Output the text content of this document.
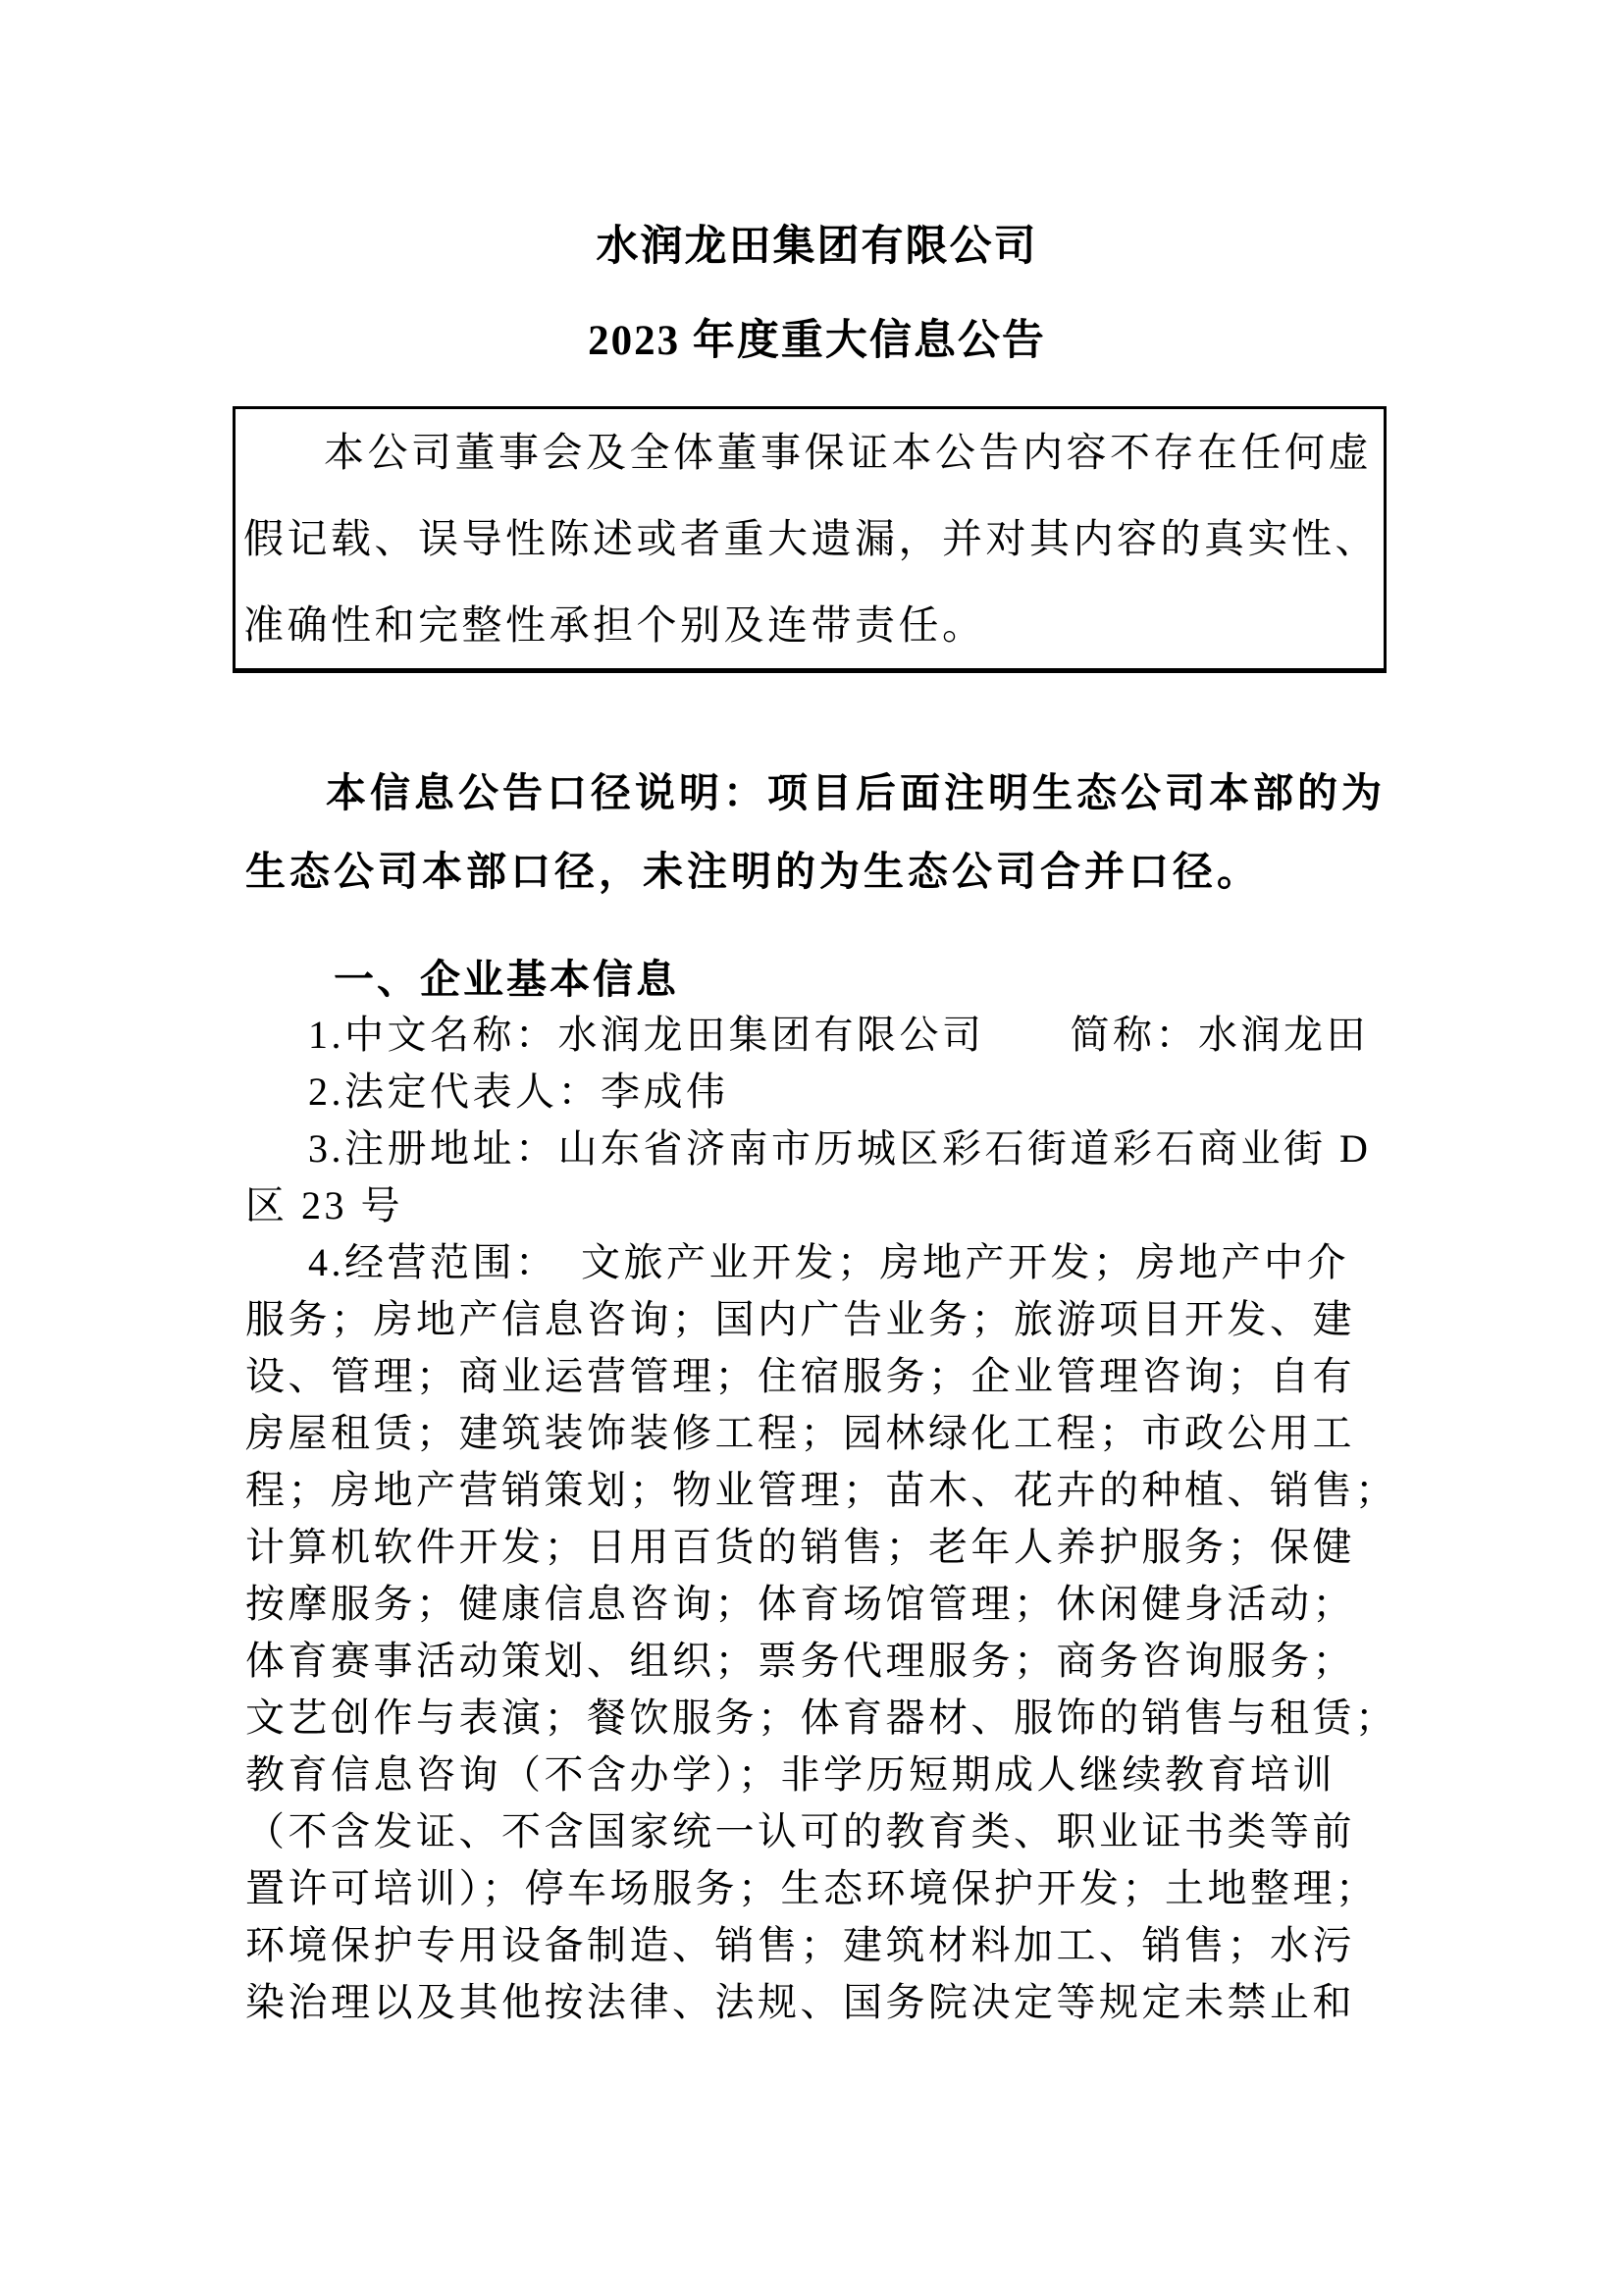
水润龙田集团有限公司
2023 年度重大信息公告
本公司董事会及全体董事保证本公告内容不存在任何虚
假记载、误导性陈述或者重大遗漏，并对其内容的真实性、
准确性和完整性承担个别及连带责任。
本信息公告口径说明：项目后面注明生态公司本部的为
生态公司本部口径，未注明的为生态公司合并口径。
一、企业基本信息
1.中文名称：水润龙田集团有限公司　　简称：水润龙田
2.法定代表人：李成伟
3.注册地址：山东省济南市历城区彩石街道彩石商业街 D
区 23 号
4.经营范围：　文旅产业开发；房地产开发；房地产中介
服务；房地产信息咨询；国内广告业务；旅游项目开发、建
设、管理；商业运营管理；住宿服务；企业管理咨询；自有
房屋租赁；建筑装饰装修工程；园林绿化工程；市政公用工
程；房地产营销策划；物业管理；苗木、花卉的种植、销售；
计算机软件开发；日用百货的销售；老年人养护服务；保健
按摩服务；健康信息咨询；体育场馆管理；休闲健身活动；
体育赛事活动策划、组织；票务代理服务；商务咨询服务；
文艺创作与表演；餐饮服务；体育器材、服饰的销售与租赁；
教育信息咨询（不含办学）；非学历短期成人继续教育培训
（不含发证、不含国家统一认可的教育类、职业证书类等前
置许可培训）；停车场服务；生态环境保护开发；土地整理；
环境保护专用设备制造、销售；建筑材料加工、销售；水污
染治理以及其他按法律、法规、国务院决定等规定未禁止和
